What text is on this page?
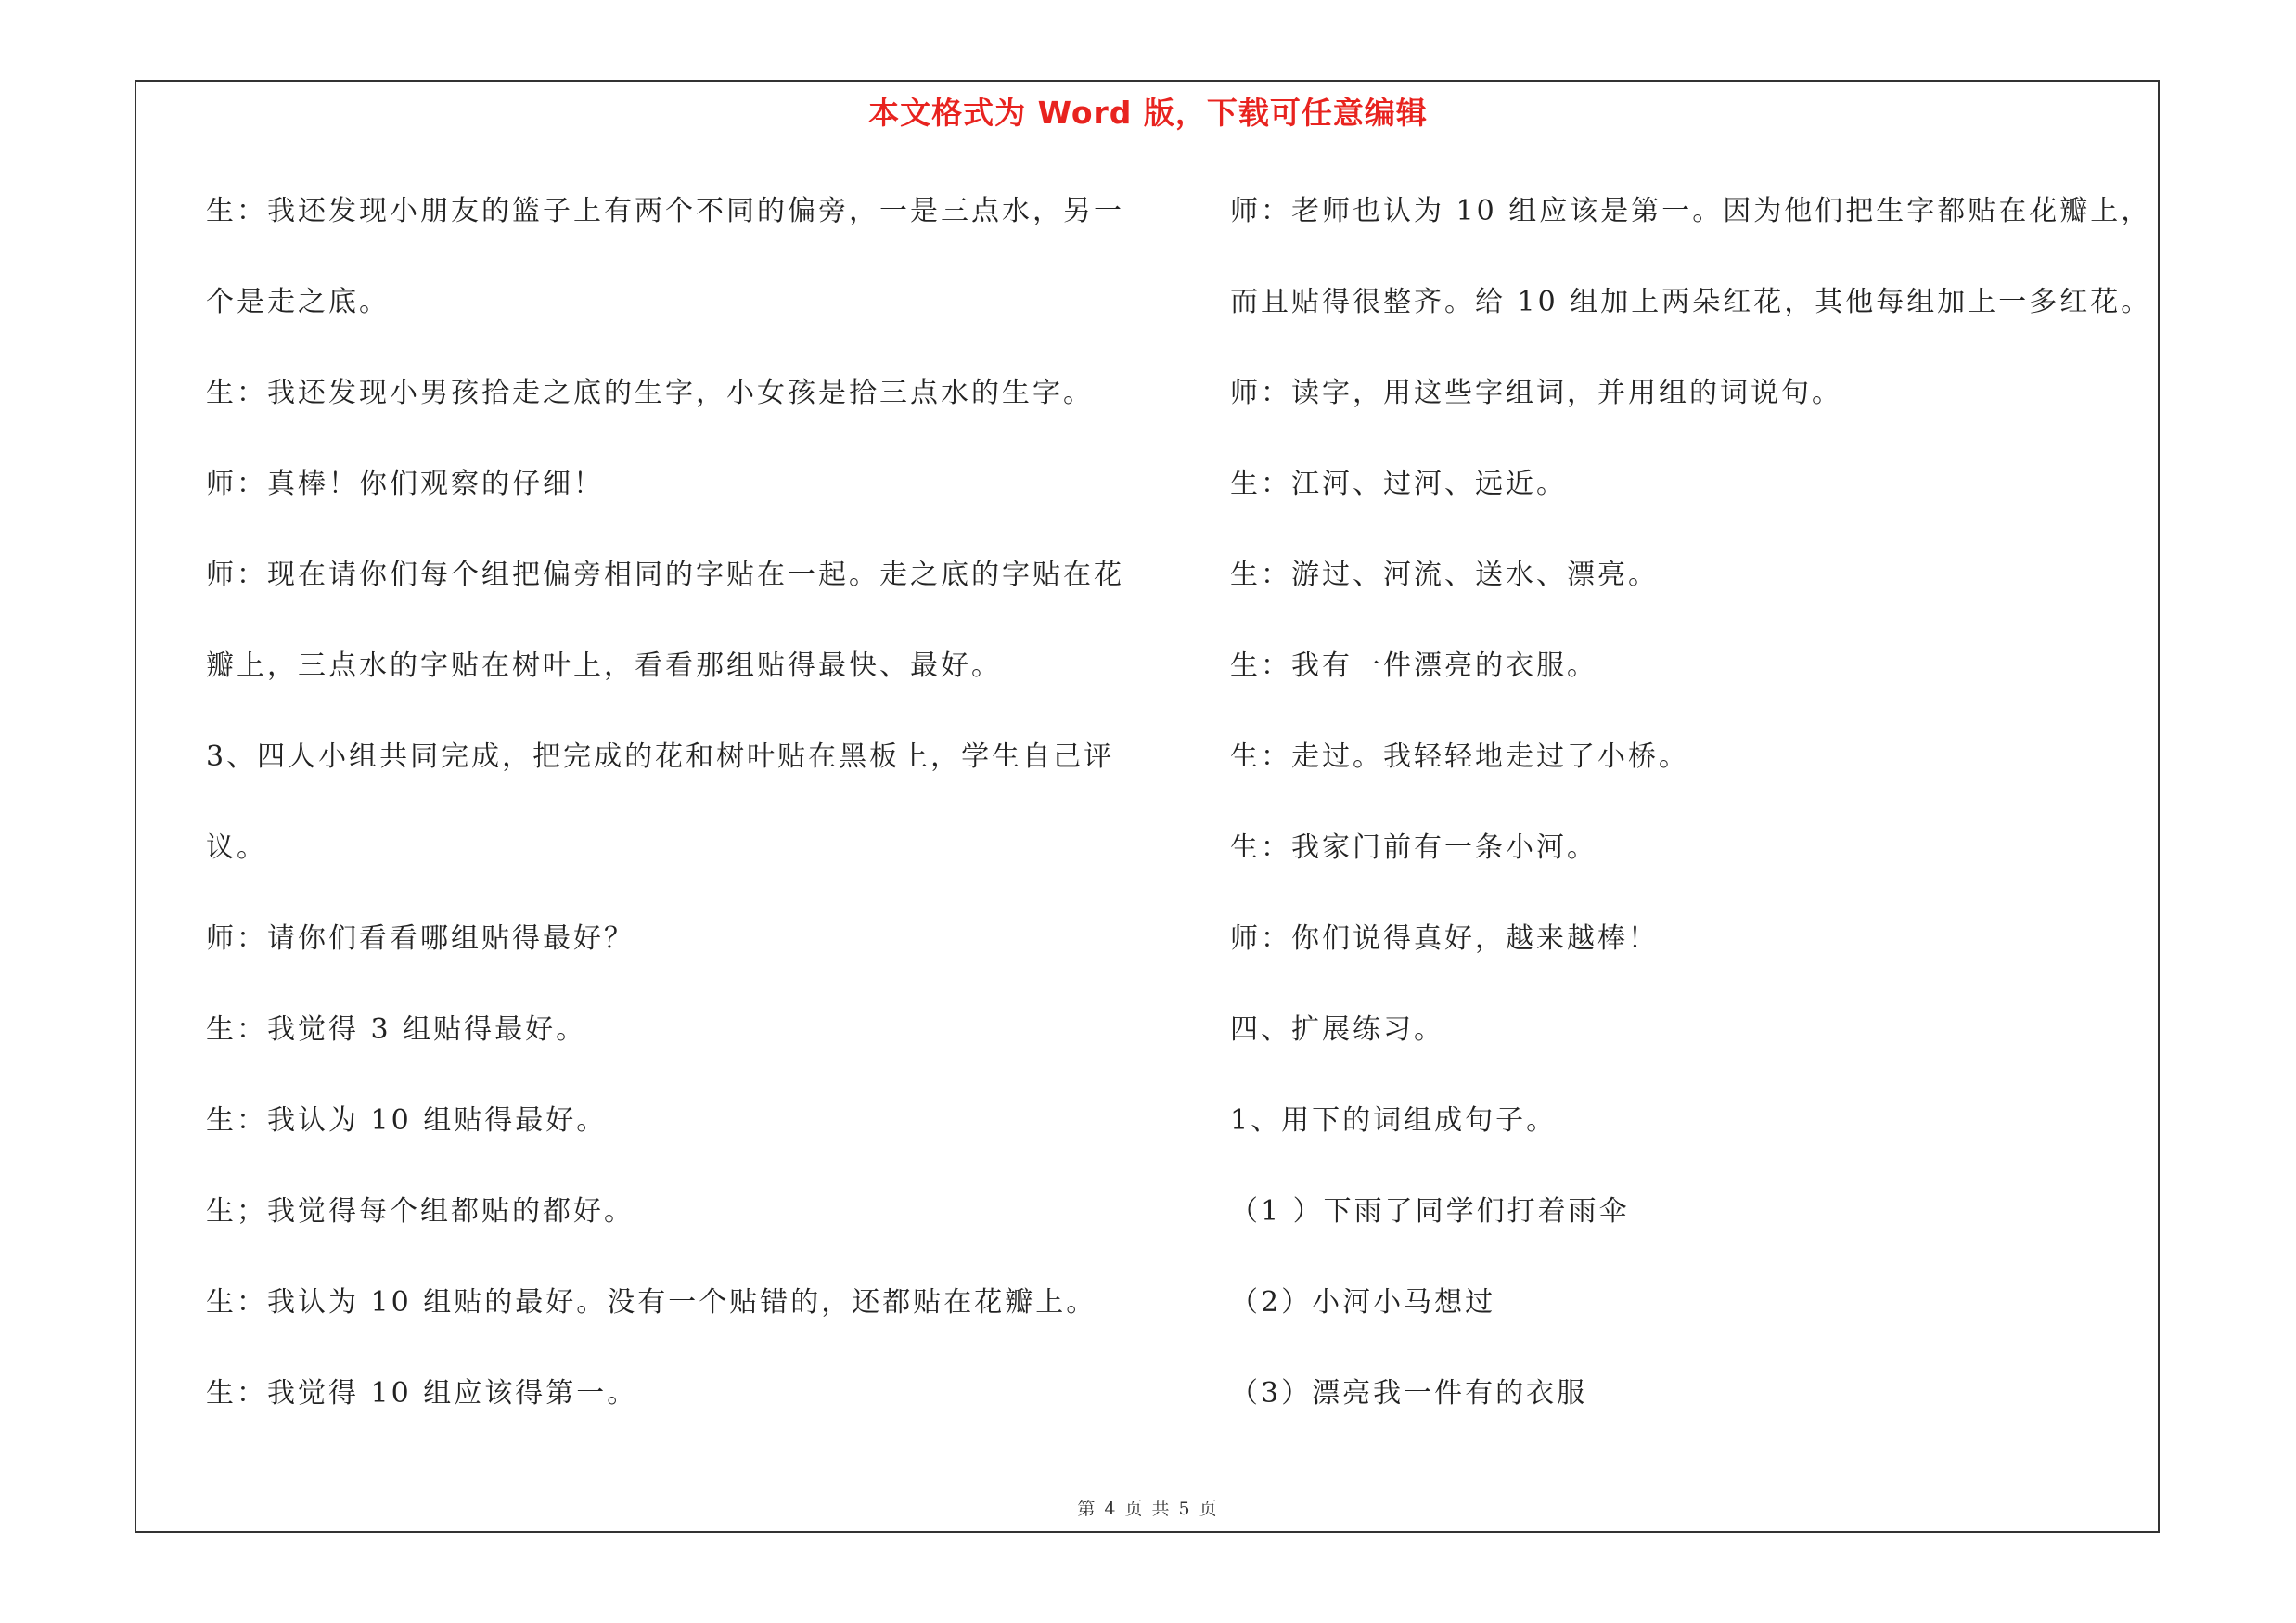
本文格式为 Word 版，下载可任意编辑
生：我还发现小朋友的篮子上有两个不同的偏旁，一是三点水，另一
个是走之底。
生：我还发现小男孩拾走之底的生字，小女孩是拾三点水的生字。
师：真棒！你们观察的仔细！
师：现在请你们每个组把偏旁相同的字贴在一起。走之底的字贴在花
瓣上，三点水的字贴在树叶上，看看那组贴得最快、最好。
3、四人小组共同完成，把完成的花和树叶贴在黑板上，学生自己评
议。
师：请你们看看哪组贴得最好？
生：我觉得 3 组贴得最好。
生：我认为 10 组贴得最好。
生；我觉得每个组都贴的都好。
生：我认为 10 组贴的最好。没有一个贴错的，还都贴在花瓣上。
生：我觉得 10 组应该得第一。
师：老师也认为 10 组应该是第一。因为他们把生字都贴在花瓣上，
而且贴得很整齐。给 10 组加上两朵红花，其他每组加上一多红花。
师：读字，用这些字组词，并用组的词说句。
生：江河、过河、远近。
生：游过、河流、送水、漂亮。
生：我有一件漂亮的衣服。
生：走过。我轻轻地走过了小桥。
生：我家门前有一条小河。
师：你们说得真好，越来越棒！
四、扩展练习。
1、用下的词组成句子。
（1 ）下雨了同学们打着雨伞
（2）小河小马想过
（3）漂亮我一件有的衣服
第 4 页 共 5 页
